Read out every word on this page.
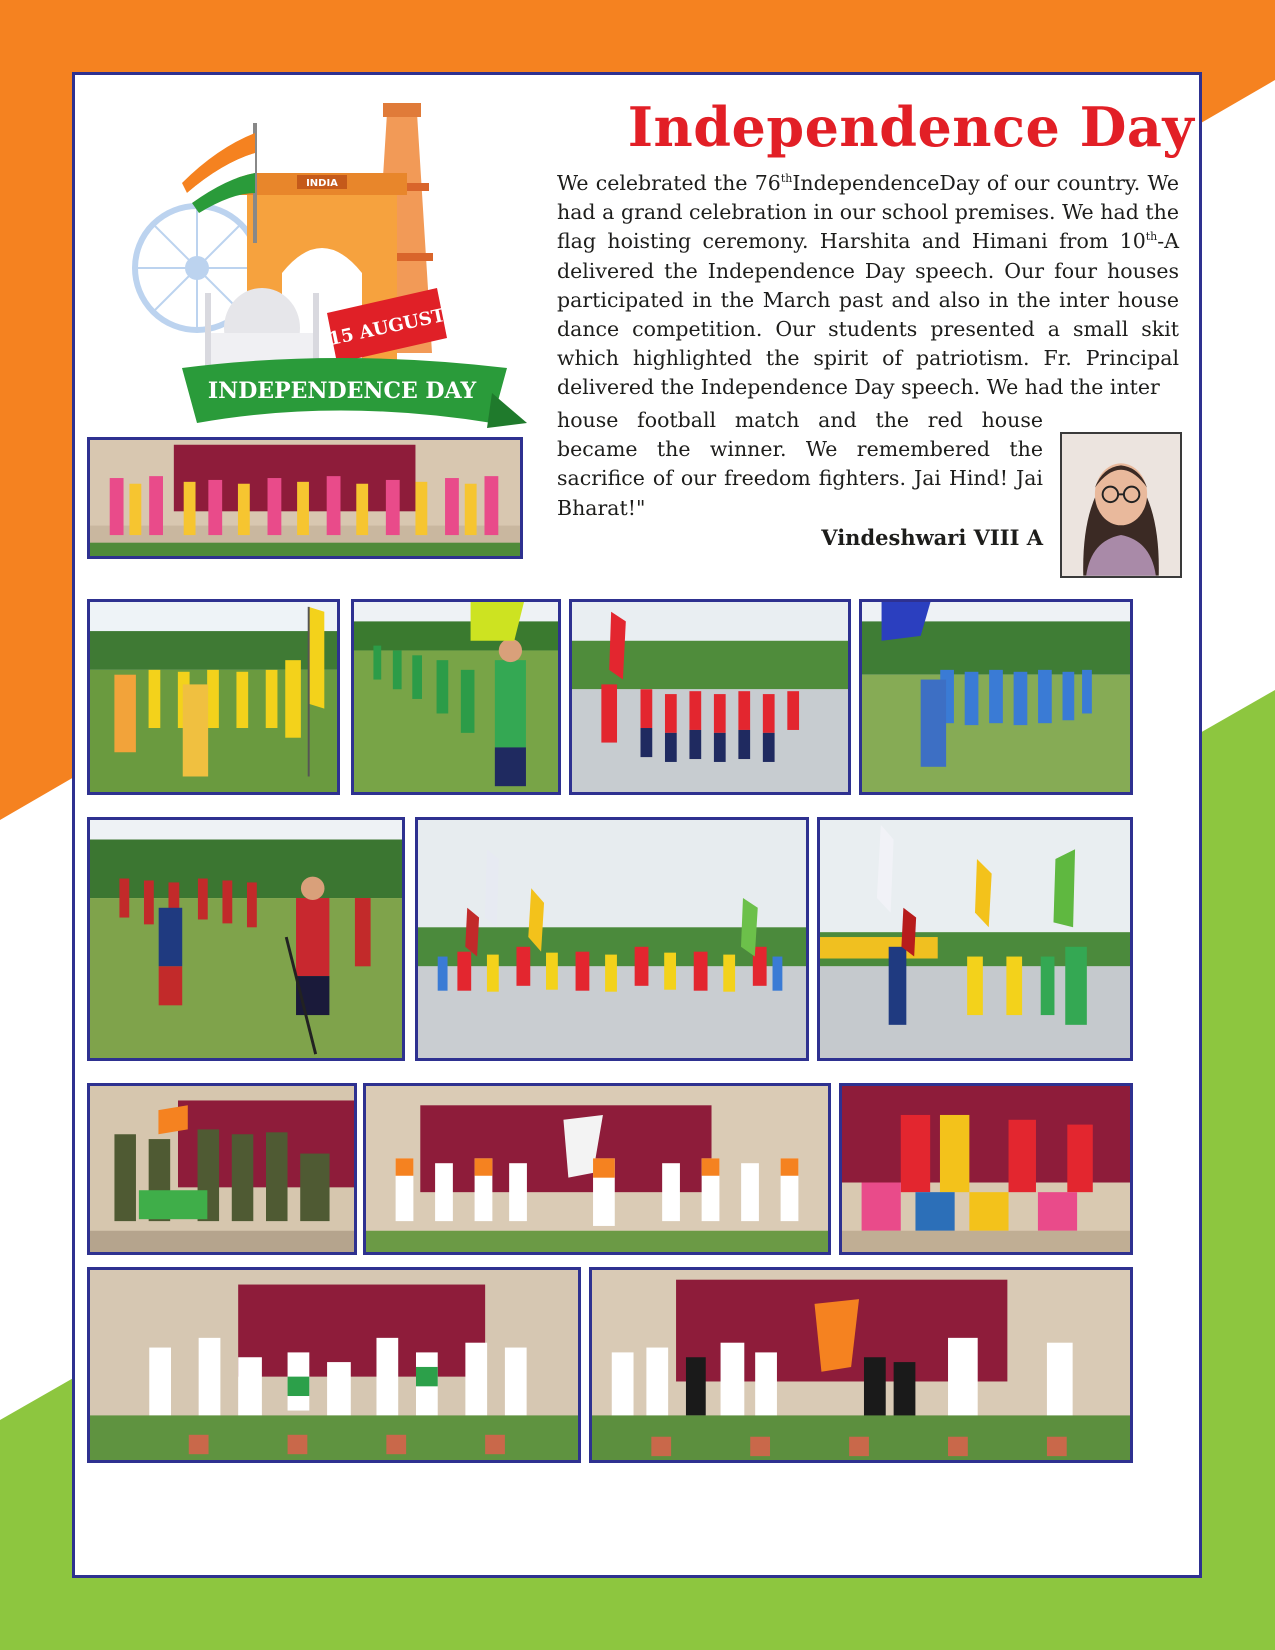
INDIA
15 AUGUST
INDEPENDENCE DAY
Independence Day

We celebrated the 76thIndependenceDay of our country. We had a grand celebration in our school premises. We had the flag hoisting ceremony. Harshita and Himani from 10th-A delivered the Independence Day speech. Our four houses participated in the March past and also in the inter house dance competition. Our students presented a small skit which highlighted the spirit of patriotism. Fr. Principal delivered the Independence Day speech. We had the inter

house football match and the red house became the winner. We remembered the sacrifice of our freedom fighters. Jai Hind! Jai Bharat!"

Vindeshwari VIII A
